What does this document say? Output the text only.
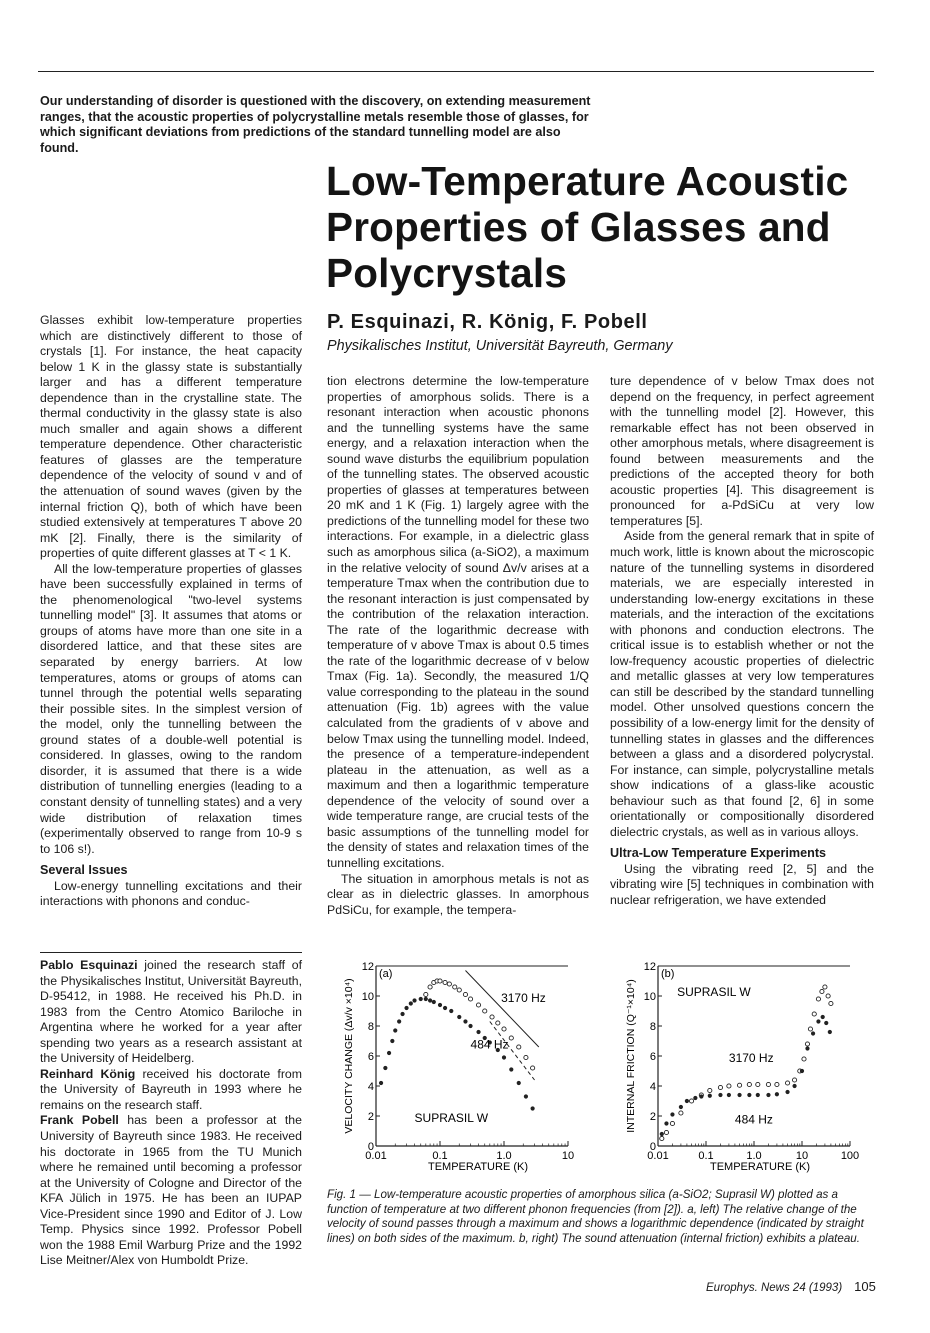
Our understanding of disorder is questioned with the discovery, on extending measurement ranges, that the acoustic properties of polycrystalline metals resemble those of glasses, for which significant deviations from predictions of the standard tunnelling model are also found.
Low-Temperature Acoustic Properties of Glasses and Polycrystals
P. Esquinazi, R. König, F. Pobell
Physikalisches Institut, Universität Bayreuth, Germany

Glasses exhibit low-temperature properties which are distinctively different to those of crystals [1]. For instance, the heat capacity below 1 K in the glassy state is substantially larger and has a different temperature dependence than in the crystalline state. The thermal conductivity in the glassy state is also much smaller and again shows a different temperature dependence. Other characteristic features of glasses are the temperature dependence of the velocity of sound v and of the attenuation of sound waves (given by the internal friction Q), both of which have been studied extensively at temperatures T above 20 mK [2]. Finally, there is the similarity of properties of quite different glasses at T < 1 K.

All the low-temperature properties of glasses have been successfully explained in terms of the phenomenological "two-level systems tunnelling model" [3]. It assumes that atoms or groups of atoms have more than one site in a disordered lattice, and that these sites are separated by energy barriers. At low temperatures, atoms or groups of atoms can tunnel through the potential wells separating their possible sites. In the simplest version of the model, only the tunnelling between the ground states of a double-well potential is considered. In glasses, owing to the random disorder, it is assumed that there is a wide distribution of tunnelling energies (leading to a constant density of tunnelling states) and a very wide distribution of relaxation times (experimentally observed to range from 10-9 s to 106 s!).

Several Issues

Low-energy tunnelling excitations and their interactions with phonons and conduc-

Pablo Esquinazi joined the research staff of the Physikalisches Institut, Universität Bayreuth, D-95412, in 1988. He received his Ph.D. in 1983 from the Centro Atomico Bariloche in Argentina where he worked for a year after spending two years as a research assistant at the University of Heidelberg.

Reinhard König received his doctorate from the University of Bayreuth in 1993 where he remains on the research staff.

Frank Pobell has been a professor at the University of Bayreuth since 1983. He received his doctorate in 1965 from the TU Munich where he remained until becoming a professor at the University of Cologne and Director of the KFA Jülich in 1975. He has been an IUPAP Vice-President since 1990 and Editor of J. Low Temp. Physics since 1992. Professor Pobell won the 1988 Emil Warburg Prize and the 1992 Lise Meitner/Alex von Humboldt Prize.

tion electrons determine the low-temperature properties of amorphous solids. There is a resonant interaction when acoustic phonons and the tunnelling systems have the same energy, and a relaxation interaction when the sound wave disturbs the equilibrium population of the tunnelling states. The observed acoustic properties of glasses at temperatures between 20 mK and 1 K (Fig. 1) largely agree with the predictions of the tunnelling model for these two interactions. For example, in a dielectric glass such as amorphous silica (a-SiO2), a maximum in the relative velocity of sound Δv/v arises at a temperature Tmax when the contribution due to the resonant interaction is just compensated by the contribution of the relaxation interaction. The rate of the logarithmic decrease with temperature of v above Tmax is about 0.5 times the rate of the logarithmic decrease of v below Tmax (Fig. 1a). Secondly, the measured 1/Q value corresponding to the plateau in the sound attenuation (Fig. 1b) agrees with the value calculated from the gradients of v above and below Tmax using the tunnelling model. Indeed, the presence of a temperature-independent plateau in the attenuation, as well as a maximum and then a logarithmic temperature dependence of the velocity of sound over a wide temperature range, are crucial tests of the basic assumptions of the tunnelling model for the density of states and relaxation times of the tunnelling excitations.

The situation in amorphous metals is not as clear as in dielectric glasses. In amorphous PdSiCu, for example, the tempera-

ture dependence of v below Tmax does not depend on the frequency, in perfect agreement with the tunnelling model [2]. However, this remarkable effect has not been observed in other amorphous metals, where disagreement is found between measurements and the predictions of the accepted theory for both acoustic properties [4]. This disagreement is pronounced for a-PdSiCu at very low temperatures [5].

Aside from the general remark that in spite of much work, little is known about the microscopic nature of the tunnelling systems in disordered materials, we are especially interested in understanding low-energy excitations in these materials, and the interaction of the excitations with phonons and conduction electrons. The critical issue is to establish whether or not the low-frequency acoustic properties of dielectric and metallic glasses at very low temperatures can still be described by the standard tunnelling model. Other unsolved questions concern the possibility of a low-energy limit for the density of tunnelling states in glasses and the differences between a glass and a disordered polycrystal. For instance, can simple, polycrystalline metals show indications of a glass-like acoustic behaviour such as that found [2, 6] in some orientationally or compositionally disordered dielectric crystals, as well as in various alloys.

Ultra-Low Temperature Experiments

Using the vibrating reed [2, 5] and the vibrating wire [5] techniques in combination with nuclear refrigeration, we have extended

0
2
4
6
8
10
12
0.01	0.1	1.0	10
TEMPERATURE (K)
VELOCITY CHANGE (Δv/v ×10⁴)
(a)
3170 Hz
484 Hz
SUPRASIL W
0
2
4
6
8
10
12
0.01	0.1	1.0	10	100
TEMPERATURE (K)
INTERNAL FRICTION (Q⁻¹×10⁴)
(b)
SUPRASIL W
3170 Hz
484 Hz
Fig. 1 — Low-temperature acoustic properties of amorphous silica (a-SiO2; Suprasil W) plotted as a function of temperature at two different phonon frequencies (from [2]). a, left) The relative change of the velocity of sound passes through a maximum and shows a logarithmic dependence (indicated by straight lines) on both sides of the maximum. b, right) The sound attenuation (internal friction) exhibits a plateau.
Europhys. News 24 (1993) 105
